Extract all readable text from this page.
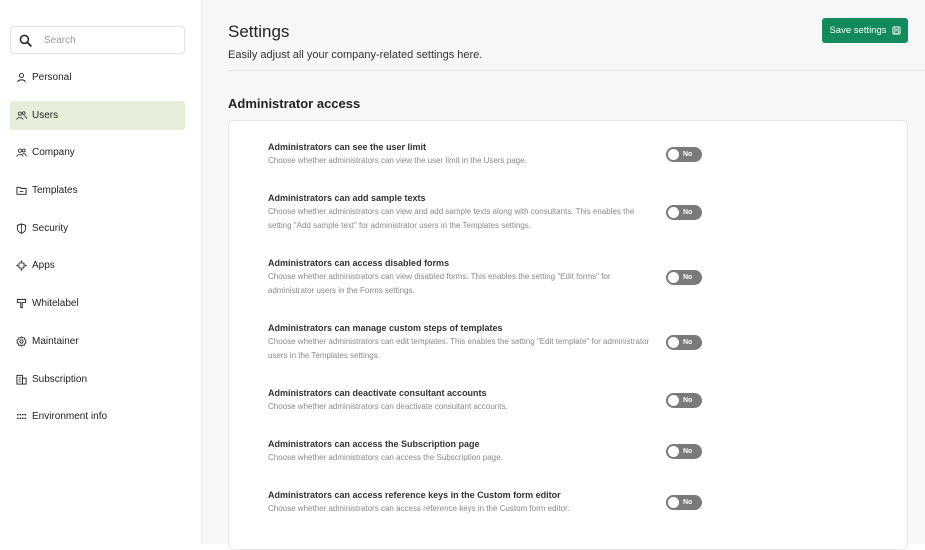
Search
Personal
Users
Company
Templates
Security
Apps
Whitelabel
Maintainer
Subscription
Environment info
Settings
Easily adjust all your company-related settings here.
Save settings
Administrator access
Administrators can see the user limit
Choose whether administrators can view the user limit in the Users page.
No
Administrators can add sample texts
Choose whether administrators can view and add sample texts along with consultants. This enables the setting "Add sample text" for administrator users in the Templates settings.
No
Administrators can access disabled forms
Choose whether administrators can view disabled forms. This enables the setting "Edit forms" for administrator users in the Forms settings.
No
Administrators can manage custom steps of templates
Choose whether administrators can edit templates. This enables the setting "Edit template" for administrator users in the Templates settings.
No
Administrators can deactivate consultant accounts
Choose whether administrators can deactivate consultant accounts.
No
Administrators can access the Subscription page
Choose whether administrators can access the Subscription page.
No
Administrators can access reference keys in the Custom form editor
Choose whether administrators can access reference keys in the Custom form editor.
No
